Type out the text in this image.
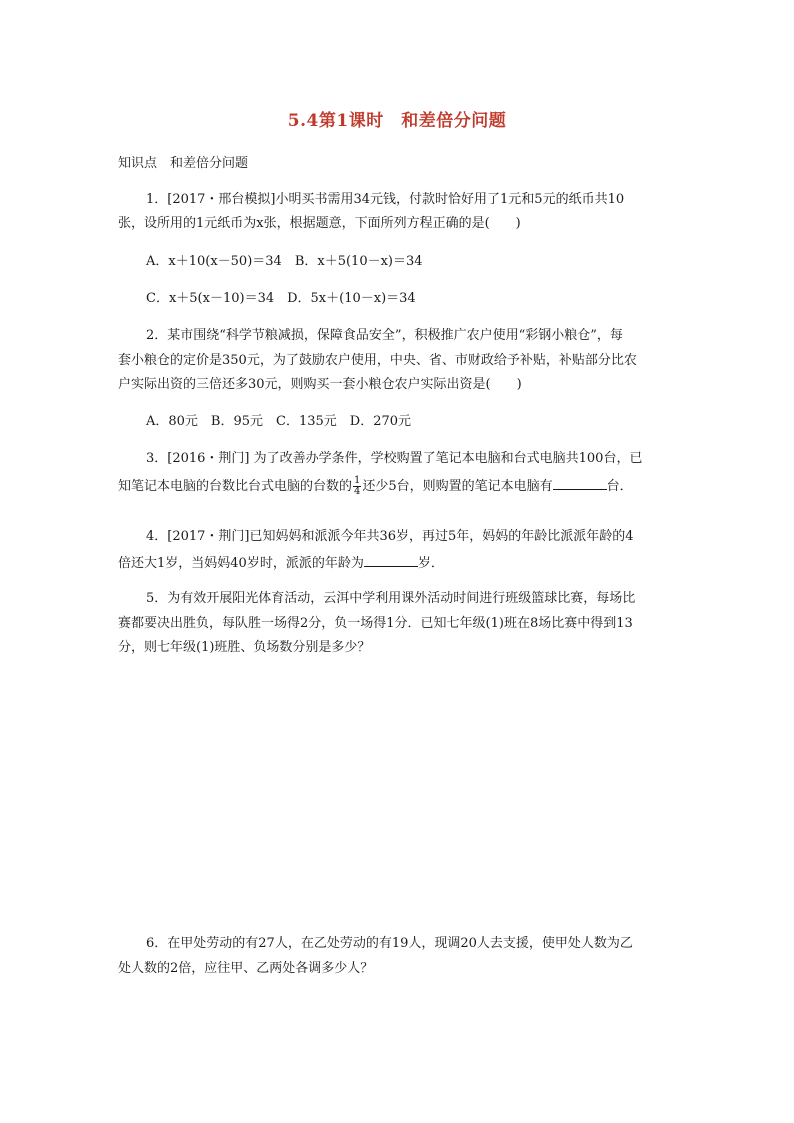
5.4第1课时　和差倍分问题
知识点　和差倍分问题
1．[2017・邢台模拟]小明买书需用34元钱，付款时恰好用了1元和5元的纸币共10
张，设所用的1元纸币为x张，根据题意，下面所列方程正确的是(　　)
A．x＋10(x－50)＝34　B．x＋5(10－x)＝34
C．x＋5(x－10)＝34　D．5x＋(10－x)＝34
2．某市围绕“科学节粮减损，保障食品安全”，积极推广农户使用“彩钢小粮仓”，每
套小粮仓的定价是350元，为了鼓励农户使用，中央、省、市财政给予补贴，补贴部分比农
户实际出资的三倍还多30元，则购买一套小粮仓农户实际出资是(　　)
A．80元　B．95元　C．135元　D．270元
3．[2016・荆门] 为了改善办学条件，学校购置了笔记本电脑和台式电脑共100台，已
知笔记本电脑的台数比台式电脑的台数的 $\frac{1}{4}$ 还少5台，则购置的笔记本电脑有	台．
4．[2017・荆门]已知妈妈和派派今年共36岁，再过5年，妈妈的年龄比派派年龄的4
倍还大1岁，当妈妈40岁时，派派的年龄为	岁．
5．为有效开展阳光体育活动，云洱中学利用课外活动时间进行班级篮球比赛，每场比
赛都要决出胜负，每队胜一场得2分，负一场得1分．已知七年级(1)班在8场比赛中得到13
分，则七年级(1)班胜、负场数分别是多少？
6．在甲处劳动的有27人，在乙处劳动的有19人，现调20人去支援，使甲处人数为乙
处人数的2倍，应往甲、乙两处各调多少人？
